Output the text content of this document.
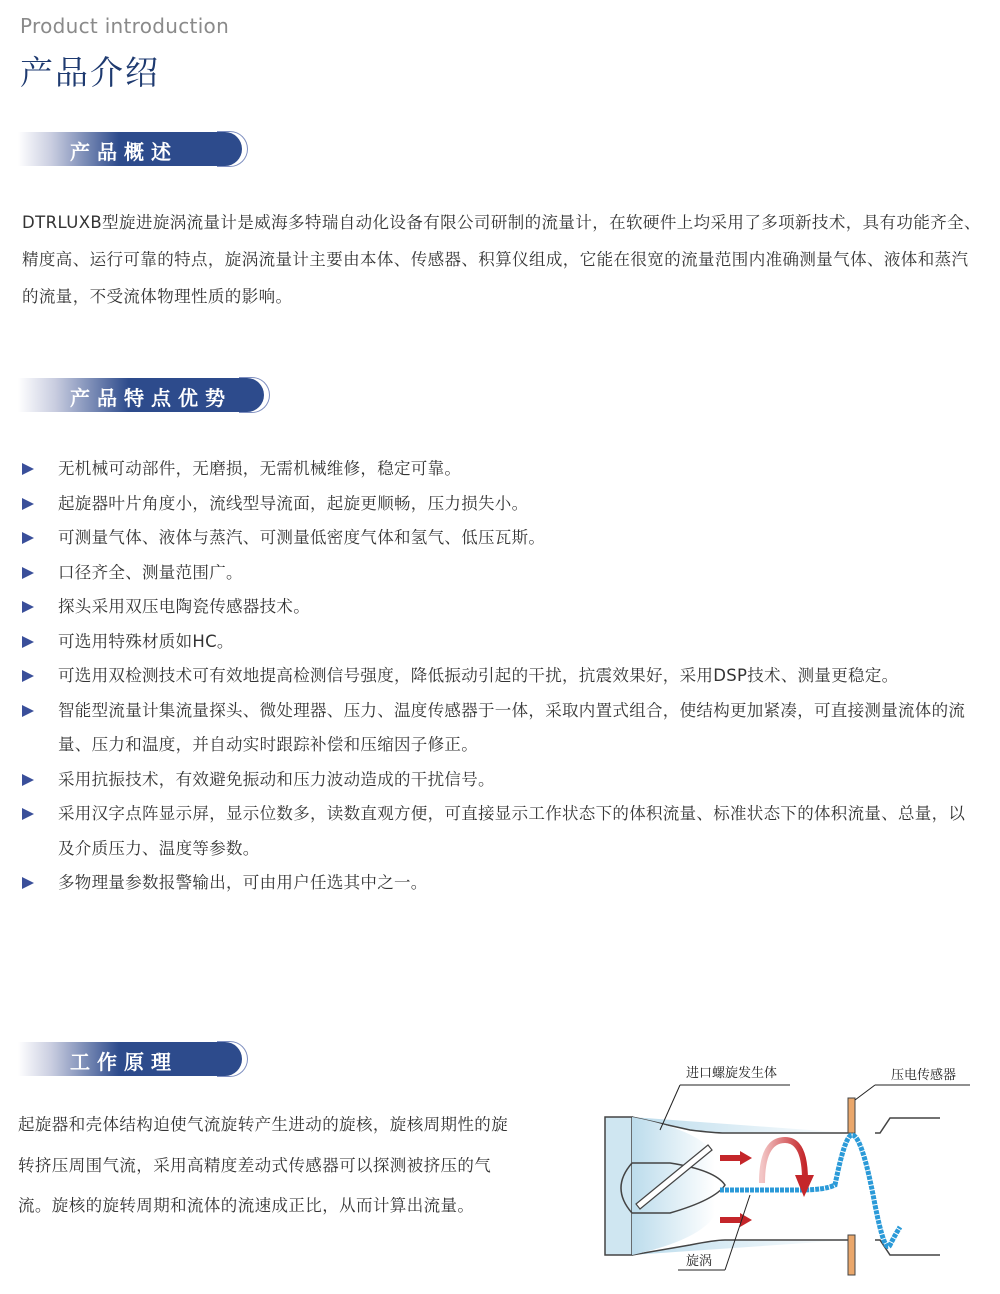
Product introduction
产品介绍
产品概述
DTRLUXB型旋进旋涡流量计是威海多特瑞自动化设备有限公司研制的流量计，在软硬件上均采用了多项新技术，具有功能齐全、精度高、运行可靠的特点，旋涡流量计主要由本体、传感器、积算仪组成，它能在很宽的流量范围内准确测量气体、液体和蒸汽的流量，不受流体物理性质的影响。
产品特点优势
无机械可动部件，无磨损，无需机械维修，稳定可靠。
起旋器叶片角度小，流线型导流面，起旋更顺畅，压力损失小。
可测量气体、液体与蒸汽、可测量低密度气体和氢气、低压瓦斯。
口径齐全、测量范围广。
探头采用双压电陶瓷传感器技术。
可选用特殊材质如HC。
可选用双检测技术可有效地提高检测信号强度，降低振动引起的干扰，抗震效果好，采用DSP技术、测量更稳定。
智能型流量计集流量探头、微处理器、压力、温度传感器于一体，采取内置式组合，使结构更加紧凑，可直接测量流体的流量、压力和温度，并自动实时跟踪补偿和压缩因子修正。
采用抗振技术，有效避免振动和压力波动造成的干扰信号。
采用汉字点阵显示屏，显示位数多，读数直观方便，可直接显示工作状态下的体积流量、标准状态下的体积流量、总量，以及介质压力、温度等参数。
多物理量参数报警输出，可由用户任选其中之一。
工作原理
起旋器和壳体结构迫使气流旋转产生进动的旋核，旋核周期性的旋转挤压周围气流，采用高精度差动式传感器可以探测被挤压的气流。旋核的旋转周期和流体的流速成正比，从而计算出流量。
进口螺旋发生体	压电传感器
旋涡
